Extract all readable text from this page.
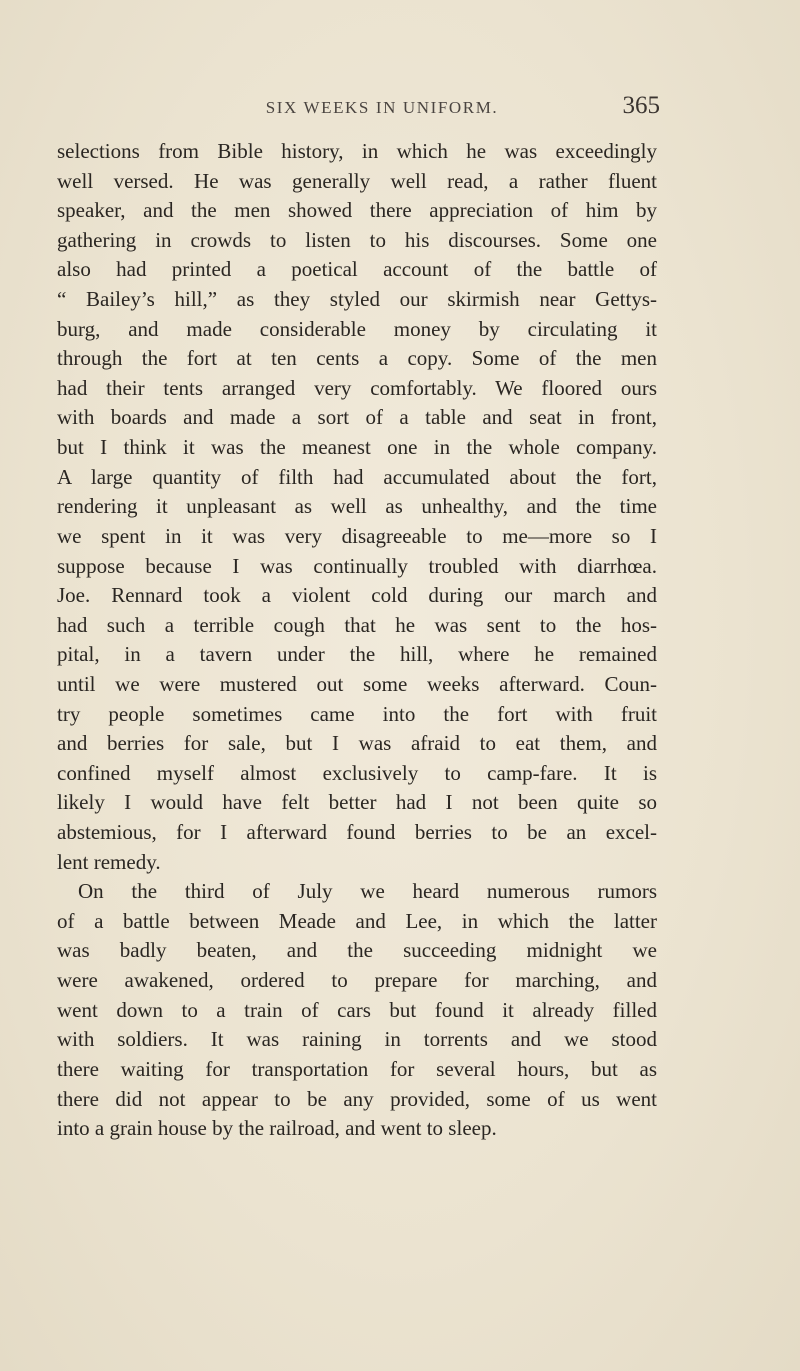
SIX WEEKS IN UNIFORM.	365
selections from Bible history, in which he was exceedingly
well versed. He was generally well read, a rather fluent
speaker, and the men showed there appreciation of him by
gathering in crowds to listen to his discourses. Some one
also had printed a poetical account of the battle of
“ Bailey’s hill,” as they styled our skirmish near Gettys-
burg, and made considerable money by circulating it
through the fort at ten cents a copy. Some of the men
had their tents arranged very comfortably. We floored ours
with boards and made a sort of a table and seat in front,
but I think it was the meanest one in the whole company.
A large quantity of filth had accumulated about the fort,
rendering it unpleasant as well as unhealthy, and the time
we spent in it was very disagreeable to me—more so I
suppose because I was continually troubled with diarrhœa.
Joe. Rennard took a violent cold during our march and
had such a terrible cough that he was sent to the hos-
pital, in a tavern under the hill, where he remained
until we were mustered out some weeks afterward. Coun-
try people sometimes came into the fort with fruit
and berries for sale, but I was afraid to eat them, and
confined myself almost exclusively to camp-fare. It is
likely I would have felt better had I not been quite so
abstemious, for I afterward found berries to be an excel-
lent remedy.
On the third of July we heard numerous rumors
of a battle between Meade and Lee, in which the latter
was badly beaten, and the succeeding midnight we
were awakened, ordered to prepare for marching, and
went down to a train of cars but found it already filled
with soldiers. It was raining in torrents and we stood
there waiting for transportation for several hours, but as
there did not appear to be any provided, some of us went
into a grain house by the railroad, and went to sleep.
